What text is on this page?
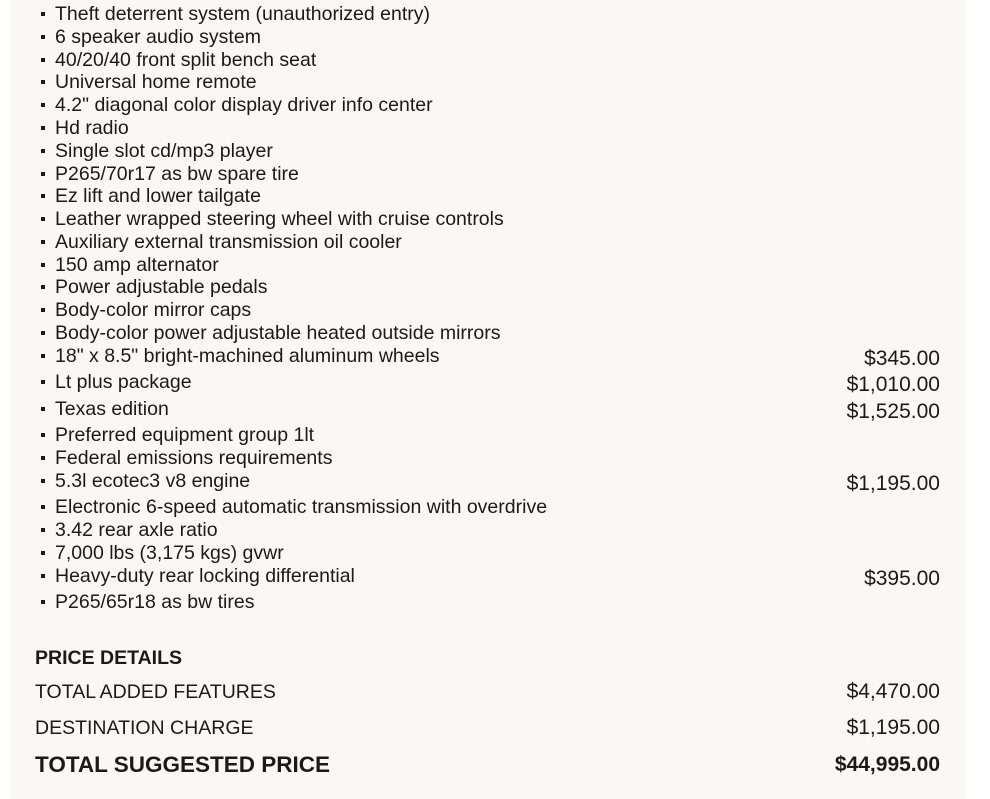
Theft deterrent system (unauthorized entry)
6 speaker audio system
40/20/40 front split bench seat
Universal home remote
4.2" diagonal color display driver info center
Hd radio
Single slot cd/mp3 player
P265/70r17 as bw spare tire
Ez lift and lower tailgate
Leather wrapped steering wheel with cruise controls
Auxiliary external transmission oil cooler
150 amp alternator
Power adjustable pedals
Body-color mirror caps
Body-color power adjustable heated outside mirrors
18" x 8.5" bright-machined aluminum wheels	$345.00
Lt plus package	$1,010.00
Texas edition	$1,525.00
Preferred equipment group 1lt
Federal emissions requirements
5.3l ecotec3 v8 engine	$1,195.00
Electronic 6-speed automatic transmission with overdrive
3.42 rear axle ratio
7,000 lbs (3,175 kgs) gvwr
Heavy-duty rear locking differential	$395.00
P265/65r18 as bw tires
PRICE DETAILS
TOTAL ADDED FEATURES	$4,470.00
DESTINATION CHARGE	$1,195.00
TOTAL SUGGESTED PRICE	$44,995.00
